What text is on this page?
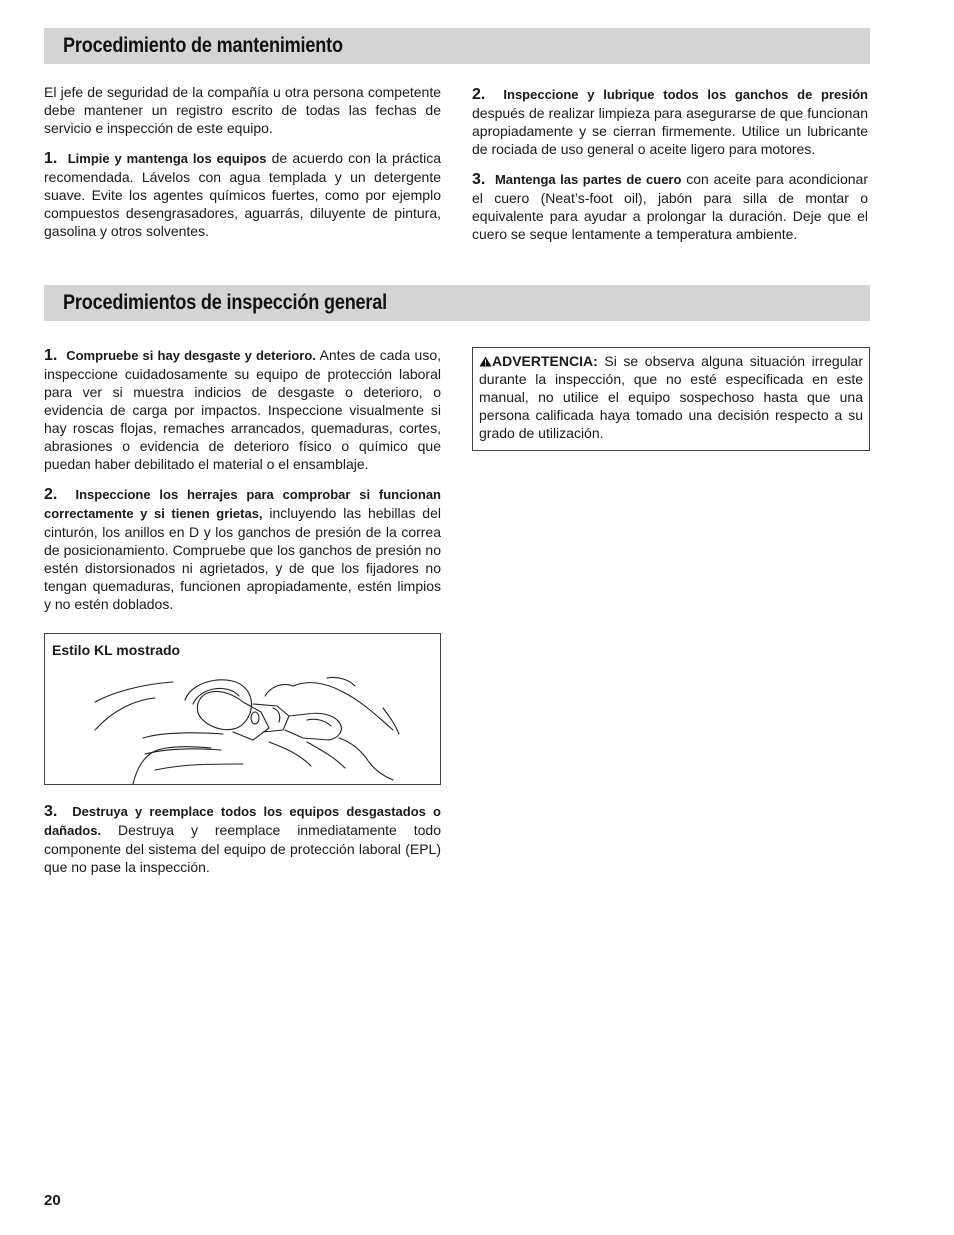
Procedimiento de mantenimiento

El jefe de seguridad de la compañía u otra persona competente debe mantener un registro escrito de todas las fechas de servicio e inspección de este equipo.

1. Limpie y mantenga los equipos de acuerdo con la práctica recomendada. Lávelos con agua templada y un detergente suave. Evite los agentes químicos fuertes, como por ejemplo compuestos desengrasadores, aguarrás, diluyente de pintura, gasolina y otros solventes.

2. Inspeccione y lubrique todos los ganchos de presión después de realizar limpieza para asegurarse de que funcionan apropiadamente y se cierran firmemente. Utilice un lubricante de rociada de uso general o aceite ligero para motores.

3. Mantenga las partes de cuero con aceite para acondicionar el cuero (Neat’s-foot oil), jabón para silla de montar o equivalente para ayudar a prolongar la duración. Deje que el cuero se seque lentamente a temperatura ambiente.

Procedimientos de inspección general

1. Compruebe si hay desgaste y deterioro. Antes de cada uso, inspeccione cuidadosamente su equipo de protección laboral para ver si muestra indicios de desgaste o deterioro, o evidencia de carga por impactos. Inspeccione visualmente si hay roscas flojas, remaches arrancados, quemaduras, cortes, abrasiones o evidencia de deterioro físico o químico que puedan haber debilitado el material o el ensamblaje.

2. Inspeccione los herrajes para comprobar si funcionan correctamente y si tienen grietas, incluyendo las hebillas del cinturón, los anillos en D y los ganchos de presión de la correa de posicionamiento. Compruebe que los ganchos de presión no estén distorsionados ni agrietados, y de que los fijadores no tengan quemaduras, funcionen apropiadamente, estén limpios y no estén doblados.

Estilo KL mostrado

3. Destruya y reemplace todos los equipos desgastados o dañados. Destruya y reemplace inmediatamente todo componente del sistema del equipo de protección laboral (EPL) que no pase la inspección.

ADVERTENCIA: Si se observa alguna situación irregular durante la inspección, que no esté especificada en este manual, no utilice el equipo sospechoso hasta que una persona calificada haya tomado una decisión respecto a su grado de utilización.
20
